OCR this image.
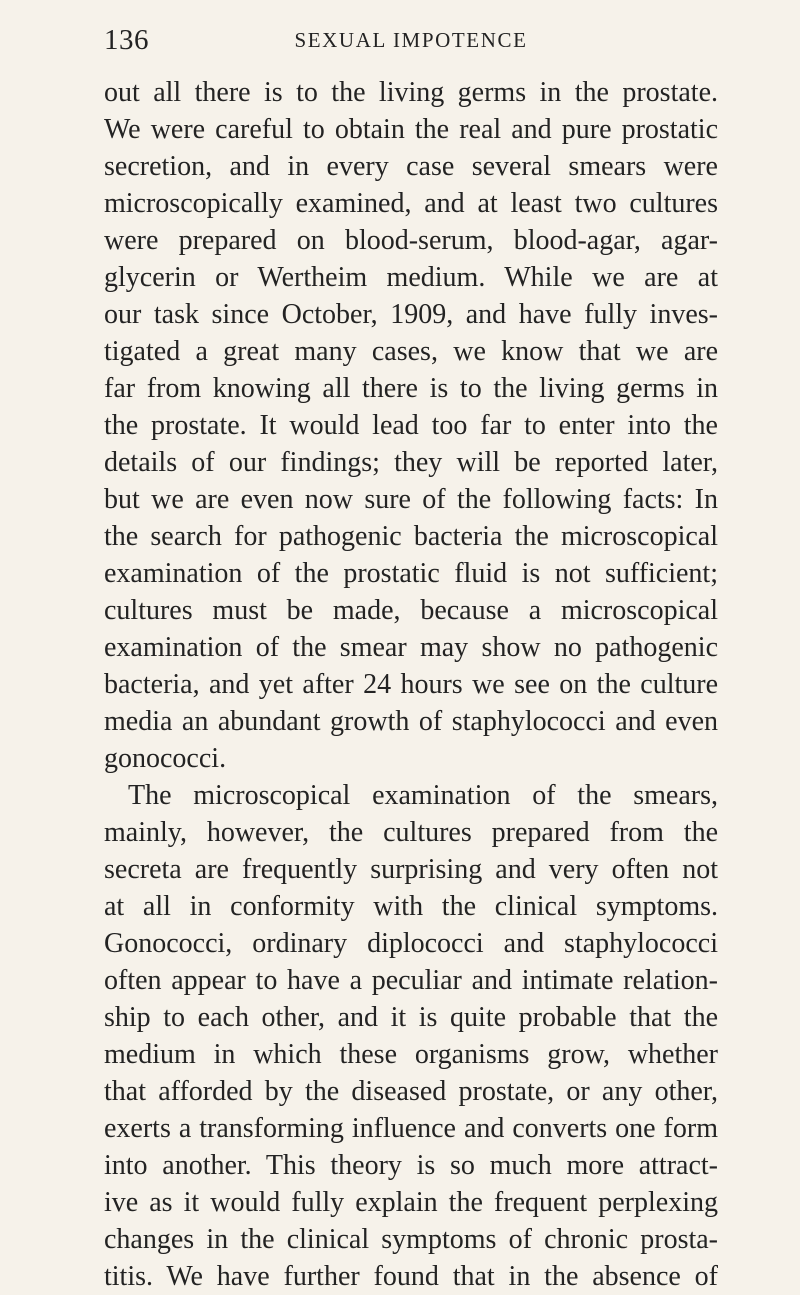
136	SEXUAL IMPOTENCE
out all there is to the living germs in the prostate.
We were careful to obtain the real and pure prostatic
secretion, and in every case several smears were
microscopically examined, and at least two cultures
were prepared on blood-serum, blood-agar, agar-
glycerin or Wertheim medium. While we are at
our task since October, 1909, and have fully inves-
tigated a great many cases, we know that we are
far from knowing all there is to the living germs in
the prostate. It would lead too far to enter into the
details of our findings; they will be reported later,
but we are even now sure of the following facts: In
the search for pathogenic bacteria the microscopical
examination of the prostatic fluid is not sufficient;
cultures must be made, because a microscopical
examination of the smear may show no pathogenic
bacteria, and yet after 24 hours we see on the culture
media an abundant growth of staphylococci and even
gonococci.
The microscopical examination of the smears,
mainly, however, the cultures prepared from the
secreta are frequently surprising and very often not
at all in conformity with the clinical symptoms.
Gonococci, ordinary diplococci and staphylococci
often appear to have a peculiar and intimate relation-
ship to each other, and it is quite probable that the
medium in which these organisms grow, whether
that afforded by the diseased prostate, or any other,
exerts a transforming influence and converts one form
into another. This theory is so much more attract-
ive as it would fully explain the frequent perplexing
changes in the clinical symptoms of chronic prosta-
titis. We have further found that in the absence of
